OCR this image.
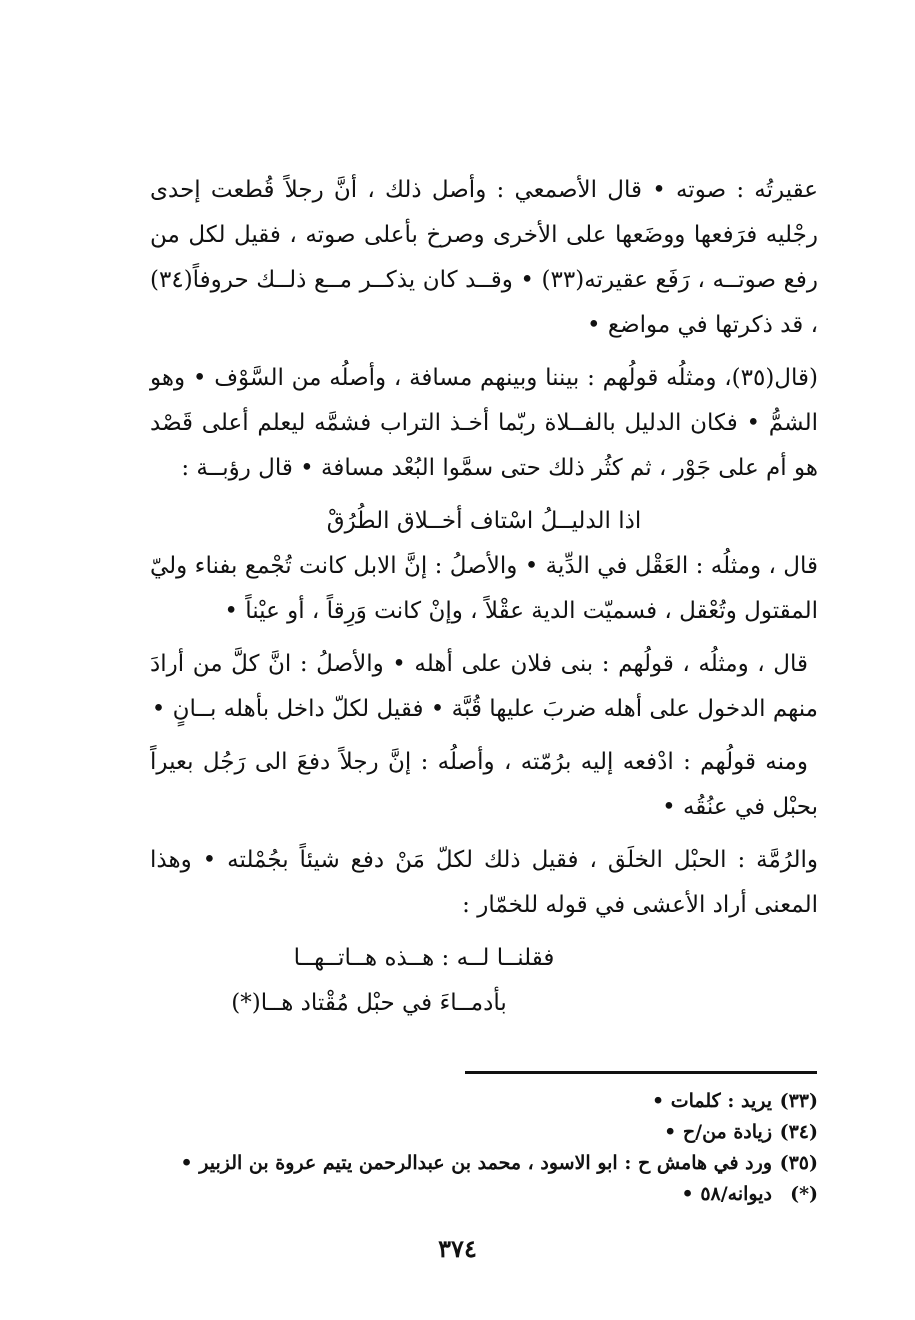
عقيرتُه : صوته • قال الأصمعي : وأصل ذلك ، أنَّ رجلاً قُطعت إحدى رجْليه فرَفعها ووضَعها على الأخرى وصرخ بأعلى صوته ، فقيل لكل من رفع صوتــه ، رَفَع عقيرته(٣٣) • وقــد كان يذكــر مــع ذلــك حروفاً(٣٤) ، قد ذكرتها في مواضع •

(قال(٣٥)، ومثلُه قولُهم : بيننا وبينهم مسافة ، وأصلُه من السَّوْف • وهو الشمُّ • فكان الدليل بالفــلاة ربّما أخـذ التراب فشمَّه ليعلم أعلى قَصْد هو أم على جَوْر ، ثم كثُر ذلك حتى سمَّوا البُعْد مسافة • قال رؤبــة :

اذا الدليــلُ اسْتاف أخــلاق الطُرُقْ

قال ، ومثلُه : العَقْل في الدِّية • والأصلُ : إنَّ الابل كانت تُجْمع بفناء وليّ المقتول وتُعْقل ، فسميّت الدية عقْلاً ، وإنْ كانت وَرِقاً ، أو عيْناً •

قال ، ومثلُه ، قولُهم : بنى فلان على أهله • والأصلُ : انَّ كلَّ من أرادَ منهم الدخول على أهله ضربَ عليها قُبَّة • فقيل لكلّ داخل بأهله بــانٍ •

ومنه قولُهم : ادْفعه إليه برُمّته ، وأصلُه : إنَّ رجلاً دفعَ الى رَجُل بعيراً بحبْل في عنُقُه •

والرُمَّة : الحبْل الخلَق ، فقيل ذلك لكلّ مَنْ دفع شيئاً بجُمْلته • وهذا المعنى أراد الأعشى في قوله للخمّار :

فقلنــا لــه : هــذه هــاتــهــا

بأدمــاءَ في حبْل مُقْتاد هــا(*)

(٣٣)
يريد : كلمات •
(٣٤)
زيادة من/ح •
(٣٥)
ورد في هامش ح : ابو الاسود ، محمد بن عبدالرحمن يتيم عروة بن الزبير •
(*)
ديوانه/٥٨ •
٣٧٤
